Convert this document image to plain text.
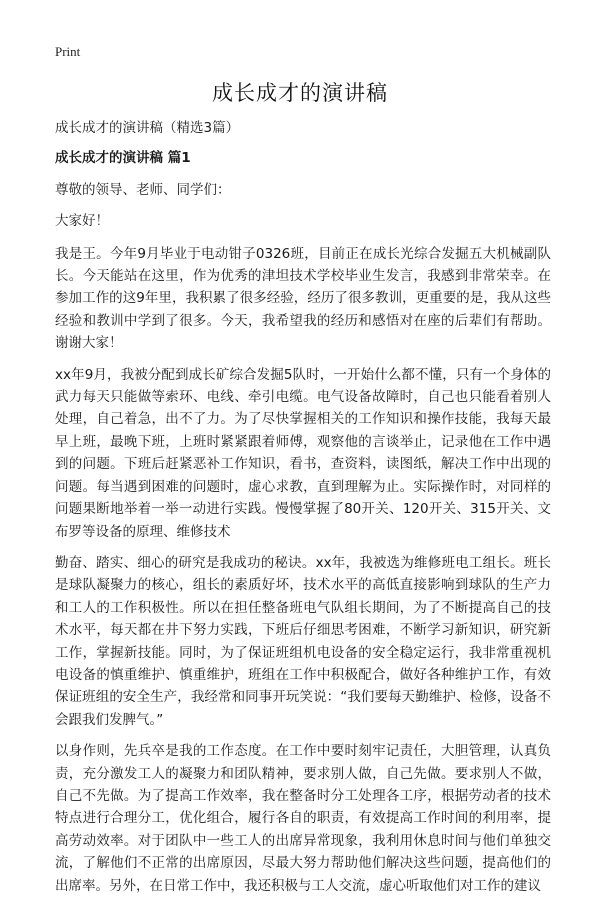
Print
成长成才的演讲稿

成长成才的演讲稿（精选3篇）

成长成才的演讲稿 篇1

尊敬的领导、老师、同学们：

大家好！

我是王。今年9月毕业于电动钳子0326班，目前正在成长光综合发掘五大机械副队长。今天能站在这里，作为优秀的津坦技术学校毕业生发言，我感到非常荣幸。在参加工作的这9年里，我积累了很多经验，经历了很多教训，更重要的是，我从这些经验和教训中学到了很多。今天，我希望我的经历和感悟对在座的后辈们有帮助。谢谢大家！

xx年9月，我被分配到成长矿综合发掘5队时，一开始什么都不懂，只有一个身体的武力每天只能做等索环、电线、牵引电缆。电气设备故障时，自己也只能看着别人处理，自己着急，出不了力。为了尽快掌握相关的工作知识和操作技能，我每天最早上班，最晚下班，上班时紧紧跟着师傅，观察他的言谈举止，记录他在工作中遇到的问题。下班后赶紧恶补工作知识，看书，查资料，读图纸，解决工作中出现的问题。每当遇到困难的问题时，虚心求教，直到理解为止。实际操作时，对同样的问题果断地举着一举一动进行实践。慢慢掌握了80开关、120开关、315开关、文布罗等设备的原理、维修技术

勤奋、踏实、细心的研究是我成功的秘诀。xx年，我被选为维修班电工组长。班长是球队凝聚力的核心，组长的素质好坏，技术水平的高低直接影响到球队的生产力和工人的工作积极性。所以在担任整备班电气队组长期间，为了不断提高自己的技术水平，每天都在井下努力实践，下班后仔细思考困难，不断学习新知识，研究新工作，掌握新技能。同时，为了保证班组机电设备的安全稳定运行，我非常重视机电设备的慎重维护、慎重维护，班组在工作中积极配合，做好各种维护工作，有效保证班组的安全生产，我经常和同事开玩笑说：“我们要每天勤维护、检修，设备不会跟我们发脾气。”

以身作则，先兵卒是我的工作态度。在工作中要时刻牢记责任，大胆管理，认真负责，充分激发工人的凝聚力和团队精神，要求别人做，自己先做。要求别人不做，自己不先做。为了提高工作效率，我在整备时分工处理各工序，根据劳动者的技术特点进行合理分工，优化组合，履行各自的职责，有效提高工作时间的利用率，提高劳动效率。对于团队中一些工人的出席异常现象，我利用休息时间与他们单独交流，了解他们不正常的出席原因，尽最大努力帮助他们解决这些问题，提高他们的出席率。另外，在日常工作中，我还积极与工人交流，虚心听取他们对工作的建议
